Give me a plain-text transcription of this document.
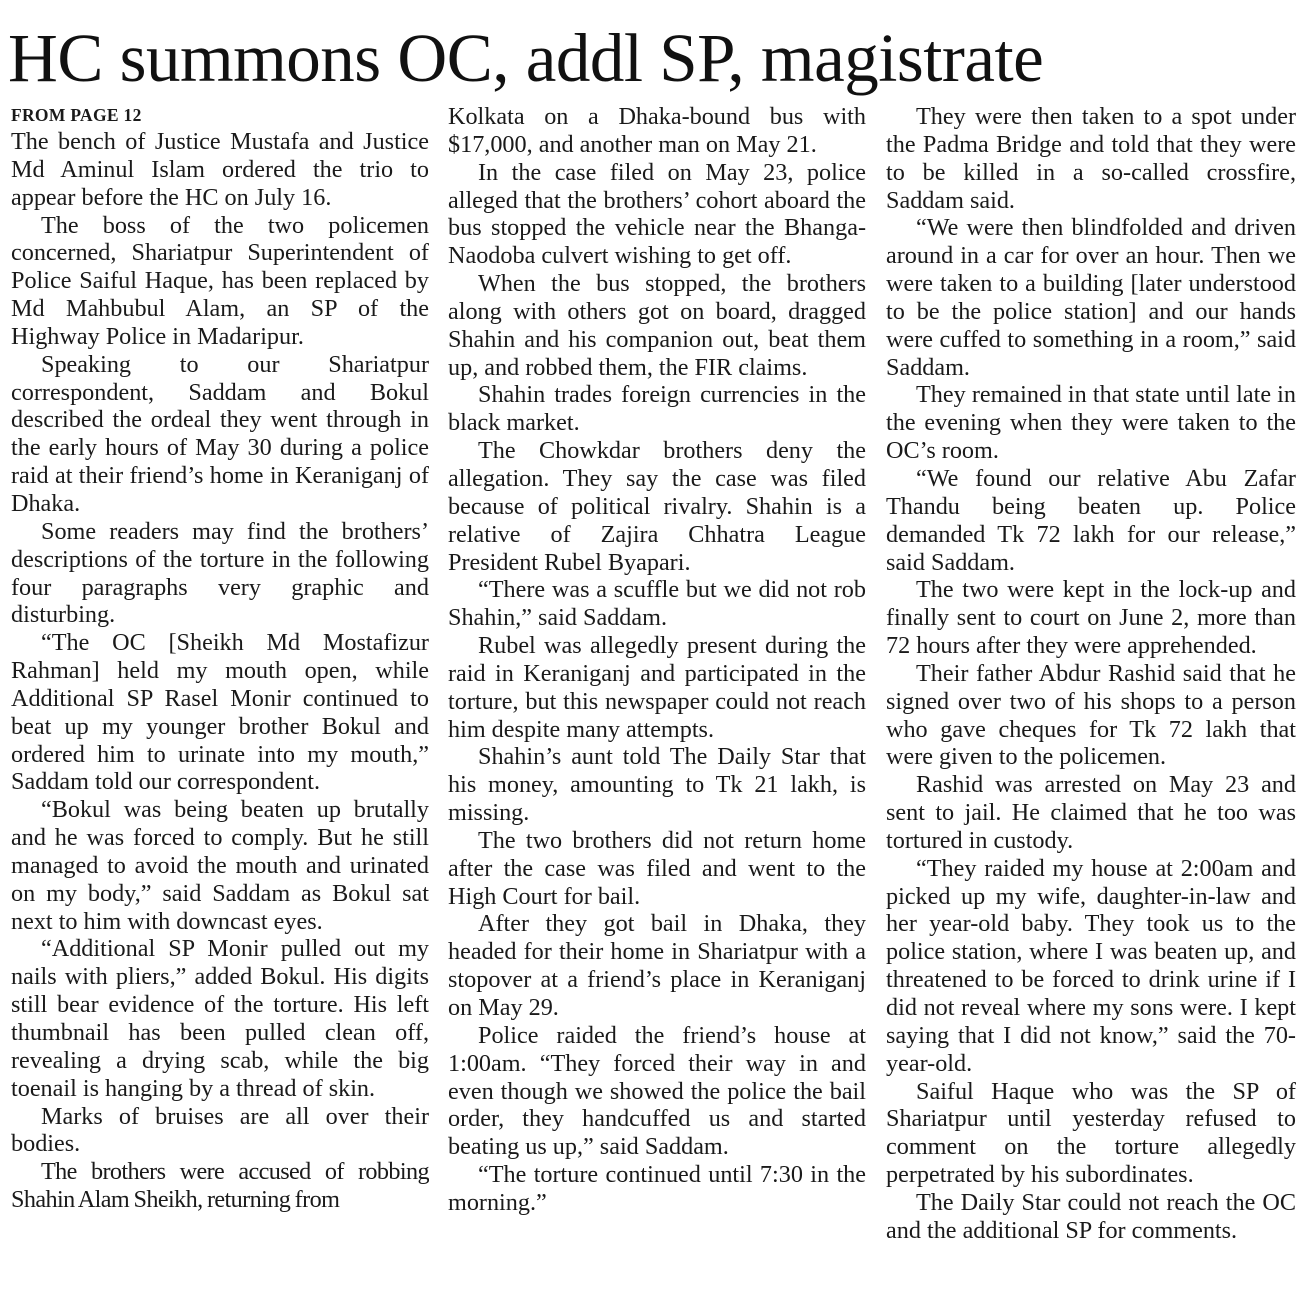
HC summons OC, addl SP, magistrate
FROM PAGE 12

The bench of Justice Mustafa and Justice Md Aminul Islam ordered the trio to appear before the HC on July 16.

The boss of the two policemen concerned, Shariatpur Superintendent of Police Saiful Haque, has been replaced by Md Mahbubul Alam, an SP of the Highway Police in Madaripur.

Speaking to our Shariatpur correspondent, Saddam and Bokul described the ordeal they went through in the early hours of May 30 during a police raid at their friend’s home in Keraniganj of Dhaka.

Some readers may find the brothers’ descriptions of the torture in the following four paragraphs very graphic and disturbing.

“The OC [Sheikh Md Mostafizur Rahman] held my mouth open, while Additional SP Rasel Monir continued to beat up my younger brother Bokul and ordered him to urinate into my mouth,” Saddam told our correspondent.

“Bokul was being beaten up brutally and he was forced to comply. But he still managed to avoid the mouth and urinated on my body,” said Saddam as Bokul sat next to him with downcast eyes.

“Additional SP Monir pulled out my nails with pliers,” added Bokul. His digits still bear evidence of the torture. His left thumbnail has been pulled clean off, revealing a drying scab, while the big toenail is hanging by a thread of skin.

Marks of bruises are all over their bodies.

The brothers were accused of robbing Shahin Alam Sheikh, returning from

Kolkata on a Dhaka-bound bus with $17,000, and another man on May 21.

In the case filed on May 23, police alleged that the brothers’ cohort aboard the bus stopped the vehicle near the Bhanga-Naodoba culvert wishing to get off.

When the bus stopped, the brothers along with others got on board, dragged Shahin and his companion out, beat them up, and robbed them, the FIR claims.

Shahin trades foreign currencies in the black market.

The Chowkdar brothers deny the allegation. They say the case was filed because of political rivalry. Shahin is a relative of Zajira Chhatra League President Rubel Byapari.

“There was a scuffle but we did not rob Shahin,” said Saddam.

Rubel was allegedly present during the raid in Keraniganj and participated in the torture, but this newspaper could not reach him despite many attempts.

Shahin’s aunt told The Daily Star that his money, amounting to Tk 21 lakh, is missing.

The two brothers did not return home after the case was filed and went to the High Court for bail.

After they got bail in Dhaka, they headed for their home in Shariatpur with a stopover at a friend’s place in Keraniganj on May 29.

Police raided the friend’s house at 1:00am. “They forced their way in and even though we showed the police the bail order, they handcuffed us and started beating us up,” said Saddam.

“The torture continued until 7:30 in the morning.”

They were then taken to a spot under the Padma Bridge and told that they were to be killed in a so-called crossfire, Saddam said.

“We were then blindfolded and driven around in a car for over an hour. Then we were taken to a building [later understood to be the police station] and our hands were cuffed to something in a room,” said Saddam.

They remained in that state until late in the evening when they were taken to the OC’s room.

“We found our relative Abu Zafar Thandu being beaten up. Police demanded Tk 72 lakh for our release,” said Saddam.

The two were kept in the lock-up and finally sent to court on June 2, more than 72 hours after they were apprehended.

Their father Abdur Rashid said that he signed over two of his shops to a person who gave cheques for Tk 72 lakh that were given to the policemen.

Rashid was arrested on May 23 and sent to jail. He claimed that he too was tortured in custody.

“They raided my house at 2:00am and picked up my wife, daughter-in-law and her year-old baby. They took us to the police station, where I was beaten up, and threatened to be forced to drink urine if I did not reveal where my sons were. I kept saying that I did not know,” said the 70-year-old.

Saiful Haque who was the SP of Shariatpur until yesterday refused to comment on the torture allegedly perpetrated by his subordinates.

The Daily Star could not reach the OC and the additional SP for comments.
